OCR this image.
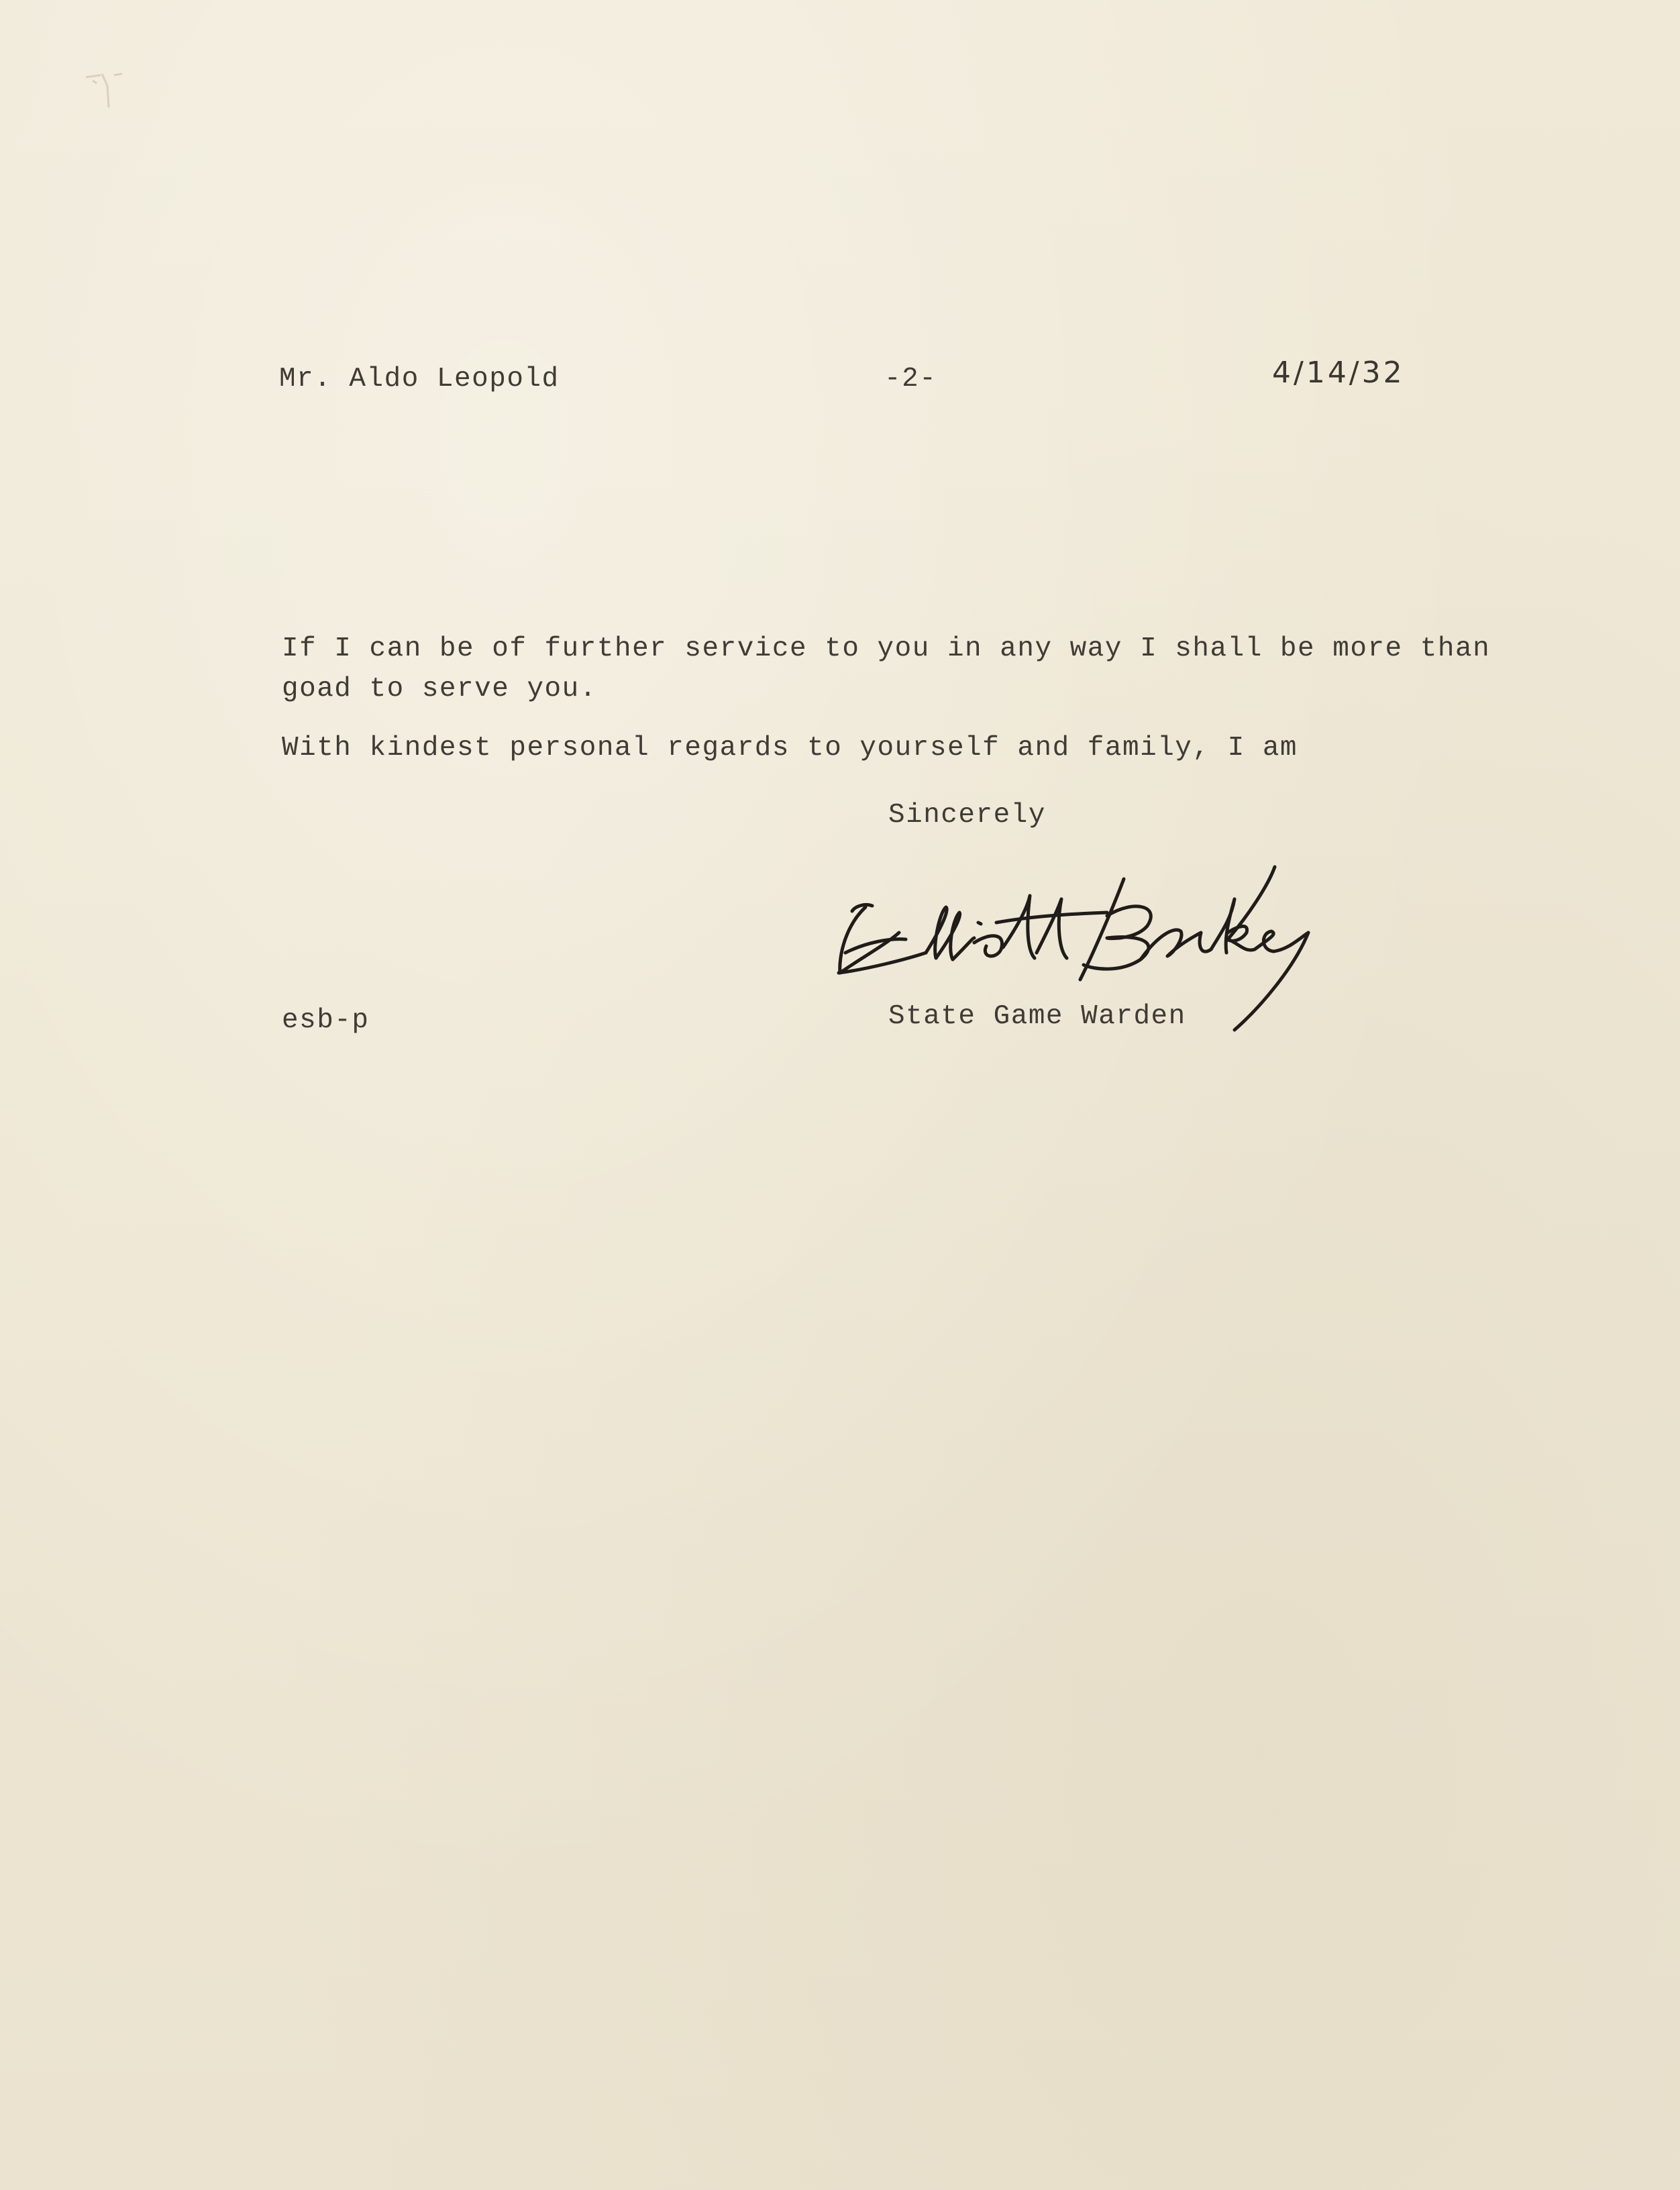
Mr. Aldo Leopold	-2-	4/14/32
If I can be of further service to you in any way I shall be more than
goad to serve you.
With kindest personal regards to yourself and family, I am
Sincerely
Elliott Barker
State Game Warden
esb-p
